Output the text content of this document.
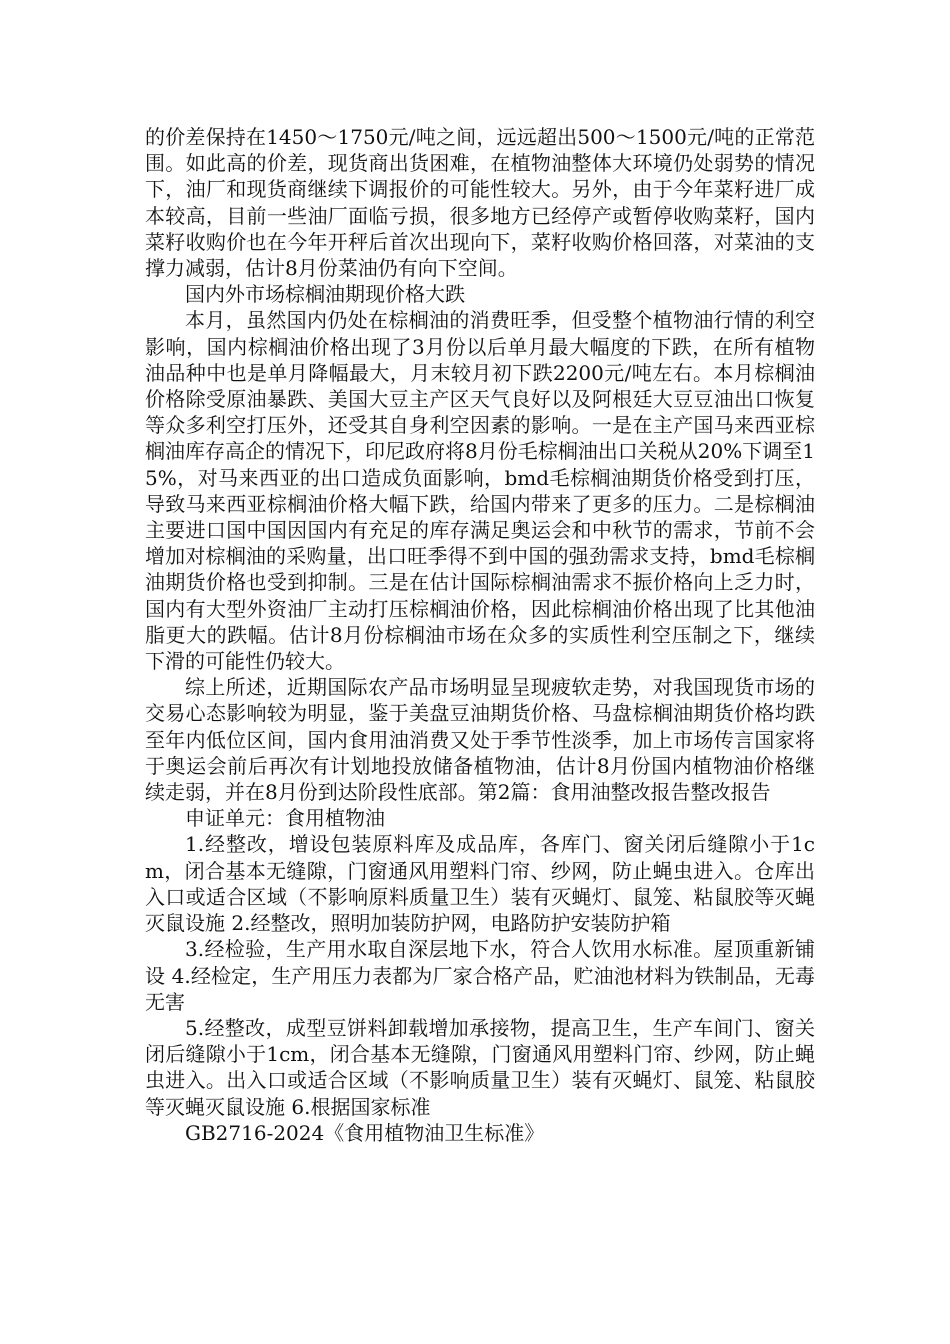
的价差保持在1450～1750元/吨之间，远远超出500～1500元/吨的正常范围。如此高的价差，现货商出货困难，在植物油整体大环境仍处弱势的情况下，油厂和现货商继续下调报价的可能性较大。另外，由于今年菜籽进厂成本较高，目前一些油厂面临亏损，很多地方已经停产或暂停收购菜籽，国内菜籽收购价也在今年开秤后首次出现向下，菜籽收购价格回落，对菜油的支撑力减弱，估计8月份菜油仍有向下空间。

国内外市场棕榈油期现价格大跌

本月，虽然国内仍处在棕榈油的消费旺季，但受整个植物油行情的利空影响，国内棕榈油价格出现了3月份以后单月最大幅度的下跌，在所有植物油品种中也是单月降幅最大，月末较月初下跌2200元/吨左右。本月棕榈油价格除受原油暴跌、美国大豆主产区天气良好以及阿根廷大豆豆油出口恢复等众多利空打压外，还受其自身利空因素的影响。一是在主产国马来西亚棕榈油库存高企的情况下，印尼政府将8月份毛棕榈油出口关税从20%下调至15%，对马来西亚的出口造成负面影响，bmd毛棕榈油期货价格受到打压，导致马来西亚棕榈油价格大幅下跌，给国内带来了更多的压力。二是棕榈油主要进口国中国因国内有充足的库存满足奥运会和中秋节的需求，节前不会增加对棕榈油的采购量，出口旺季得不到中国的强劲需求支持，bmd毛棕榈油期货价格也受到抑制。三是在估计国际棕榈油需求不振价格向上乏力时，国内有大型外资油厂主动打压棕榈油价格，因此棕榈油价格出现了比其他油脂更大的跌幅。估计8月份棕榈油市场在众多的实质性利空压制之下，继续下滑的可能性仍较大。

综上所述，近期国际农产品市场明显呈现疲软走势，对我国现货市场的交易心态影响较为明显，鉴于美盘豆油期货价格、马盘棕榈油期货价格均跌至年内低位区间，国内食用油消费又处于季节性淡季，加上市场传言国家将于奥运会前后再次有计划地投放储备植物油，估计8月份国内植物油价格继续走弱，并在8月份到达阶段性底部。第2篇：食用油整改报告整改报告

申证单元：食用植物油

1.经整改，增设包装原料库及成品库，各库门、窗关闭后缝隙小于1cm，闭合基本无缝隙，门窗通风用塑料门帘、纱网，防止蝇虫进入。仓库出入口或适合区域（不影响原料质量卫生）装有灭蝇灯、鼠笼、粘鼠胶等灭蝇灭鼠设施 2.经整改，照明加装防护网，电路防护安装防护箱

3.经检验，生产用水取自深层地下水，符合人饮用水标准。屋顶重新铺设 4.经检定，生产用压力表都为厂家合格产品，贮油池材料为铁制品，无毒无害

5.经整改，成型豆饼料卸载增加承接物，提高卫生，生产车间门、窗关闭后缝隙小于1cm，闭合基本无缝隙，门窗通风用塑料门帘、纱网，防止蝇虫进入。出入口或适合区域（不影响质量卫生）装有灭蝇灯、鼠笼、粘鼠胶等灭蝇灭鼠设施 6.根据国家标准

GB2716-2024《食用植物油卫生标准》
